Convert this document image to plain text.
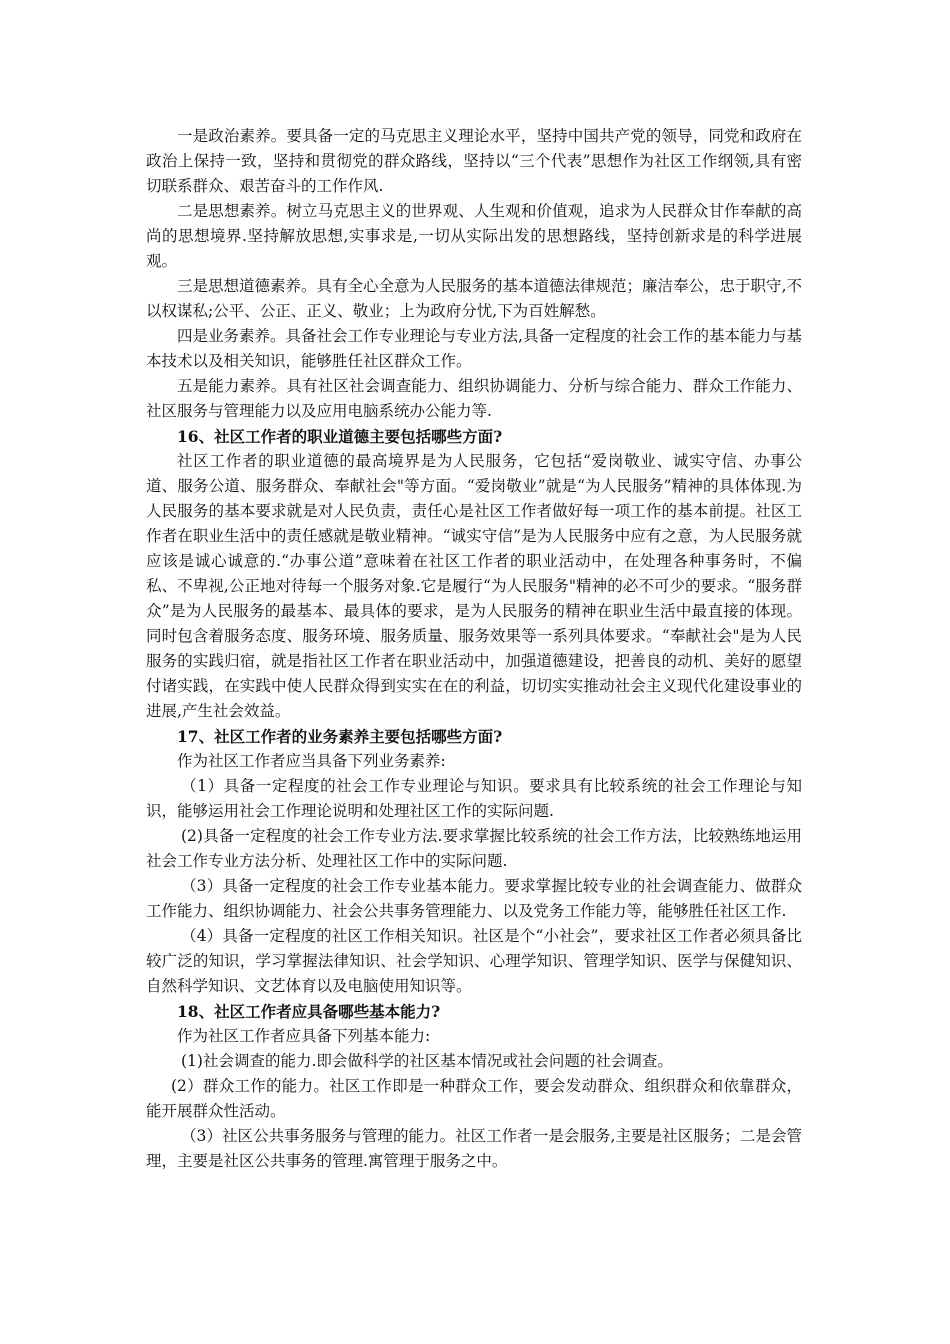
一是政治素养。要具备一定的马克思主义理论水平，坚持中国共产党的领导，同党和政府在政治上保持一致，坚持和贯彻党的群众路线，坚持以“三个代表”思想作为社区工作纲领,具有密切联系群众、艰苦奋斗的工作作风.

二是思想素养。树立马克思主义的世界观、人生观和价值观，追求为人民群众甘作奉献的高尚的思想境界.坚持解放思想,实事求是,一切从实际出发的思想路线，坚持创新求是的科学进展观。

三是思想道德素养。具有全心全意为人民服务的基本道德法律规范；廉洁奉公，忠于职守,不以权谋私;公平、公正、正义、敬业；上为政府分忧,下为百姓解愁。

四是业务素养。具备社会工作专业理论与专业方法,具备一定程度的社会工作的基本能力与基本技术以及相关知识，能够胜任社区群众工作。

五是能力素养。具有社区社会调查能力、组织协调能力、分析与综合能力、群众工作能力、社区服务与管理能力以及应用电脑系统办公能力等.

16、社区工作者的职业道德主要包括哪些方面?

社区工作者的职业道德的最高境界是为人民服务，它包括“爱岗敬业、诚实守信、办事公道、服务公道、服务群众、奉献社会"等方面。“爱岗敬业”就是“为人民服务”精神的具体体现.为人民服务的基本要求就是对人民负责，责任心是社区工作者做好每一项工作的基本前提。社区工作者在职业生活中的责任感就是敬业精神。“诚实守信”是为人民服务中应有之意，为人民服务就应该是诚心诚意的.“办事公道”意味着在社区工作者的职业活动中，在处理各种事务时，不偏私、不卑视,公正地对待每一个服务对象.它是履行“为人民服务"精神的必不可少的要求。“服务群众”是为人民服务的最基本、最具体的要求，是为人民服务的精神在职业生活中最直接的体现。同时包含着服务态度、服务环境、服务质量、服务效果等一系列具体要求。“奉献社会"是为人民服务的实践归宿，就是指社区工作者在职业活动中，加强道德建设，把善良的动机、美好的愿望付诸实践，在实践中使人民群众得到实实在在的利益，切切实实推动社会主义现代化建设事业的进展,产生社会效益。

17、社区工作者的业务素养主要包括哪些方面?

作为社区工作者应当具备下列业务素养:

（1）具备一定程度的社会工作专业理论与知识。要求具有比较系统的社会工作理论与知识，能够运用社会工作理论说明和处理社区工作的实际问题.

(2)具备一定程度的社会工作专业方法.要求掌握比较系统的社会工作方法，比较熟练地运用社会工作专业方法分析、处理社区工作中的实际问题.

（3）具备一定程度的社会工作专业基本能力。要求掌握比较专业的社会调查能力、做群众工作能力、组织协调能力、社会公共事务管理能力、以及党务工作能力等，能够胜任社区工作.

（4）具备一定程度的社区工作相关知识。社区是个“小社会”，要求社区工作者必须具备比较广泛的知识，学习掌握法律知识、社会学知识、心理学知识、管理学知识、医学与保健知识、自然科学知识、文艺体育以及电脑使用知识等。

18、社区工作者应具备哪些基本能力?

作为社区工作者应具备下列基本能力:

(1)社会调查的能力.即会做科学的社区基本情况或社会问题的社会调查。

(2）群众工作的能力。社区工作即是一种群众工作，要会发动群众、组织群众和依靠群众，能开展群众性活动。

（3）社区公共事务服务与管理的能力。社区工作者一是会服务,主要是社区服务；二是会管理，主要是社区公共事务的管理.寓管理于服务之中。
